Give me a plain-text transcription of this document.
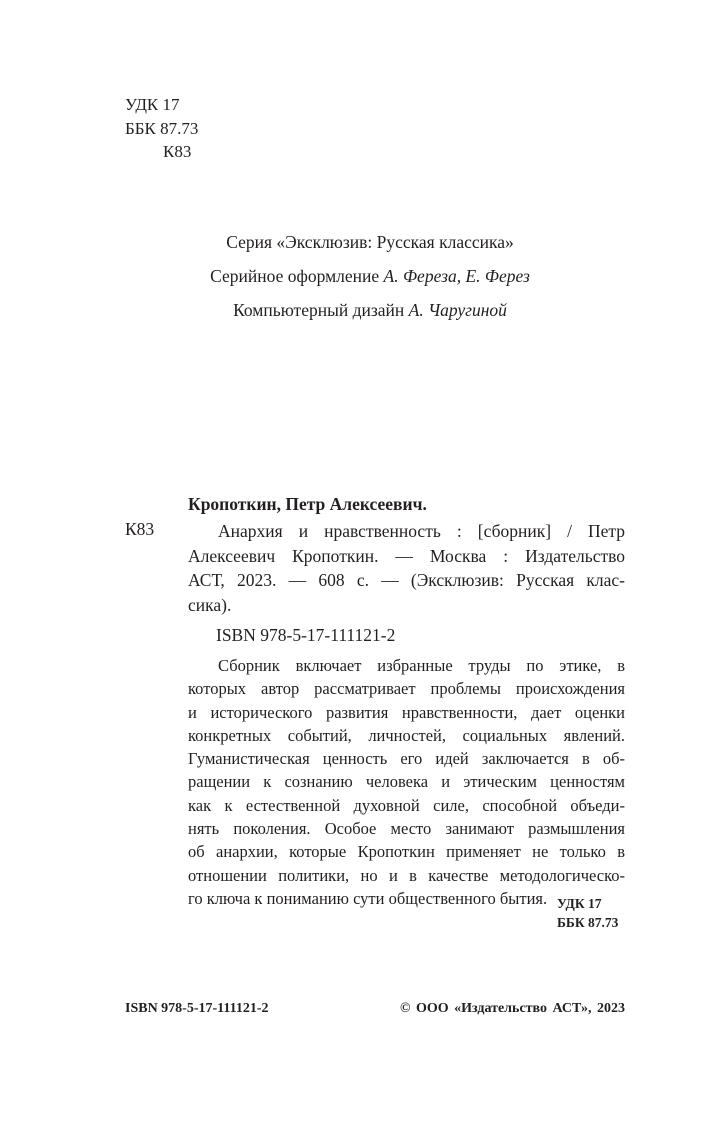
УДК 17
ББК 87.73
К83
Серия «Эксклюзив: Русская классика»
Серийное оформление А. Фереза, Е. Ферез
Компьютерный дизайн А. Чаругиной
Кропоткин, Петр Алексеевич.
К83	Анархия и нравственность : [сборник] / Петр
Алексеевич Кропоткин. — Москва : Издательство
АСТ, 2023. — 608 с. — (Эксклюзив: Русская клас-
сика).
ISBN 978-5-17-111121-2
Сборник включает избранные труды по этике, в
которых автор рассматривает проблемы происхождения
и исторического развития нравственности, дает оценки
конкретных событий, личностей, социальных явлений.
Гуманистическая ценность его идей заключается в об-
ращении к сознанию человека и этическим ценностям
как к естественной духовной силе, способной объеди-
нять поколения. Особое место занимают размышления
об анархии, которые Кропоткин применяет не только в
отношении политики, но и в качестве методологическо-
го ключа к пониманию сути общественного бытия. УДК 17
ББК 87.73
ISBN 978-5-17-111121-2	© ООО «Издательство АСТ», 2023
